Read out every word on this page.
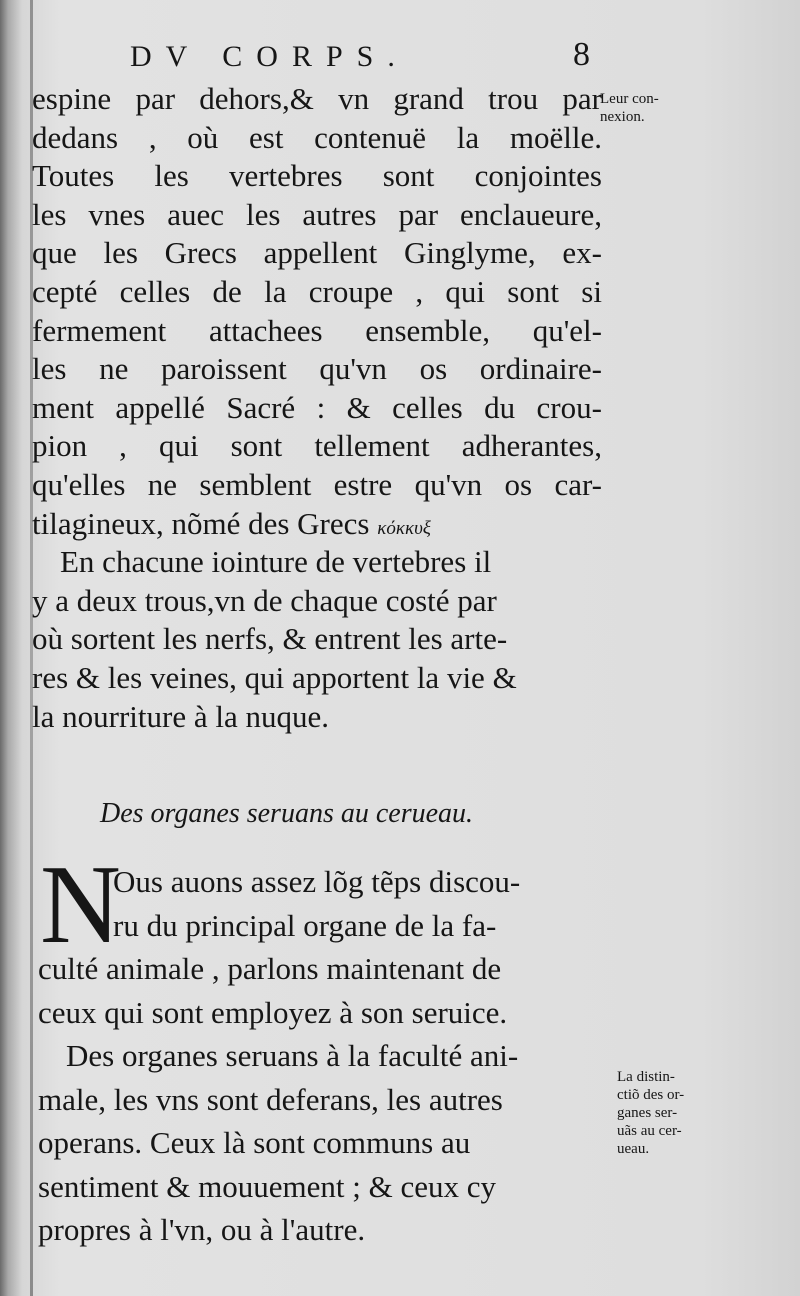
DV CORPS.	8
espine par dehors,& vn grand trou par
dedans , où est contenuë la moëlle.
Toutes les vertebres sont conjointes
les vnes auec les autres par enclaueure,
que les Grecs appellent Ginglyme, ex-
cepté celles de la croupe , qui sont si
fermement attachees ensemble, qu'el-
les ne paroissent qu'vn os ordinaire-
ment appellé Sacré : & celles du crou-
pion , qui sont tellement adherantes,
qu'elles ne semblent estre qu'vn os car-
tilagineux, nõmé des Grecs κόκκυξ
En chacune iointure de vertebres il
y a deux trous,vn de chaque costé par
où sortent les nerfs, & entrent les arte-
res & les veines, qui apportent la vie &
la nourriture à la nuque.
Des organes seruans au cerueau.
N
Ous auons assez lõg tẽps discou-
ru du principal organe de la fa-
culté animale , parlons maintenant de
ceux qui sont employez à son seruice.
Des organes seruans à la faculté ani-
male, les vns sont deferans, les autres
operans. Ceux là sont communs au
sentiment & mouuement ; & ceux cy
propres à l'vn, ou à l'autre.
Leur con-
nexion.
La distin-
ctiõ des or-
ganes ser-
uãs au cer-
ueau.
